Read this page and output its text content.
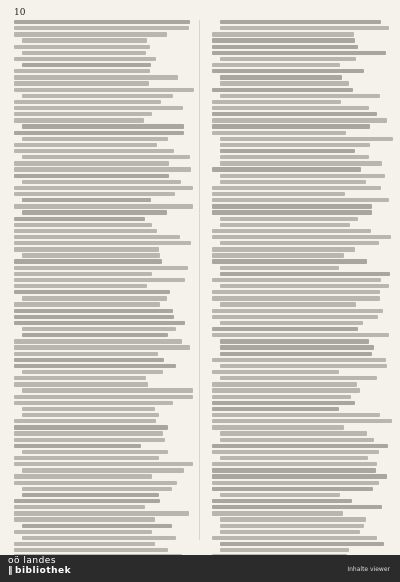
10
oö landes
‖ bibliothek	Inhalte viewer
